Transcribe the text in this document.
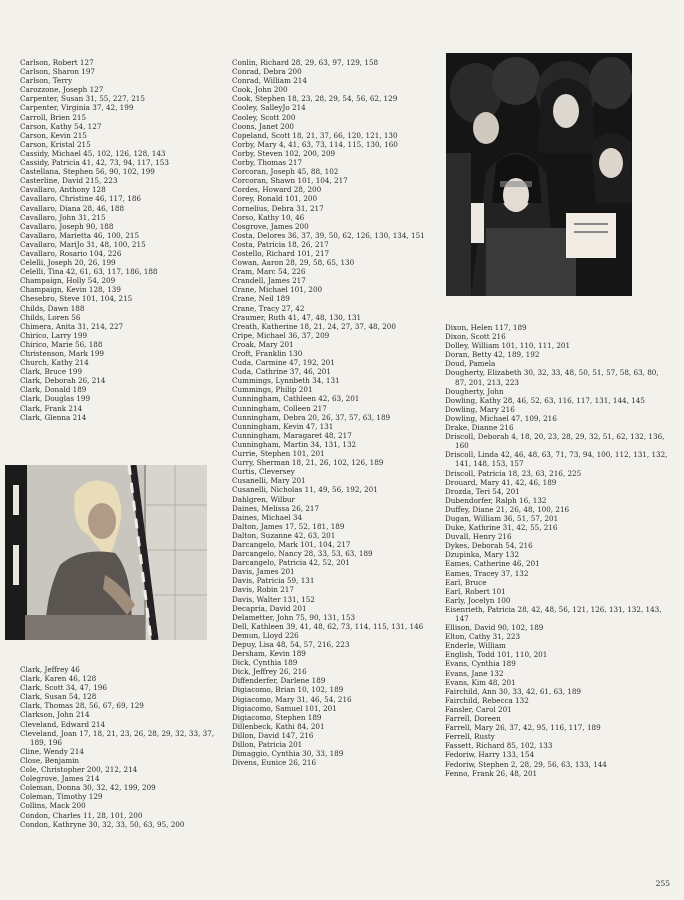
Carlson, Robert 127
Carlson, Sharon 197
Carlson, Terry
Carozzone, Joseph 127
Carpenter, Susan 31, 55, 227, 215
Carpenter, Virginia 37, 42, 199
Carroll, Brien 215
Carson, Kathy 54, 127
Carson, Kevin 215
Carson, Kristal 215
Cassidy, Michael 45, 102, 126, 128, 143
Cassidy, Patricia 41, 42, 73, 94, 117, 153
Castellana, Stephen 56, 90, 102, 199
Casterline, David 215, 223
Cavallaro, Anthony 128
Cavallaro, Christine 46, 117, 186
Cavallaro, Diana 28, 46, 188
Cavallaro, John 31, 215
Cavallaro, Joseph 90, 188
Cavallaro, Marietta 46, 100, 215
Cavallaro, MariJo 31, 48, 100, 215
Cavallaro, Rosario 104, 226
Celelli, Joseph 20, 26, 199
Celelli, Tina 42, 61, 63, 117, 186, 188
Champaign, Holly 54, 209
Champaign, Kevin 128, 139
Chesebro, Steve 101, 104, 215
Childs, Dawn 188
Childs, Loren 56
Chimera, Anita 31, 214, 227
Chirico, Larry 199
Chirico, Marie 56, 188
Christenson, Mark 199
Church, Kathy 214
Clark, Bruce 199
Clark, Deborah 26, 214
Clark, Donald 189
Clark, Douglas 199
Clark, Frank 214
Clark, Glenna 214
Clark, Jeffrey 46
Clark, Karen 46, 128
Clark, Scott 34, 47, 196
Clark, Susan 54, 128
Clark, Thomas 28, 56, 67, 69, 129
Clarkson, John 214
Cleveland, Edward 214
Cleveland, Joan 17, 18, 21, 23, 26, 28, 29, 32, 33, 37, 189, 196
Cline, Wendy 214
Close, Benjamin
Cole, Christopher 200, 212, 214
Colegrove, James 214
Coleman, Donna 30, 32, 42, 199, 209
Coleman, Timothy 129
Collins, Mack 200
Condon, Charles 11, 28, 101, 200
Condon, Kathryne 30, 32, 33, 50, 63, 95, 200
Conlin, Richard 28, 29, 63, 97, 129, 158
Conrad, Debra 200
Conrad, William 214
Cook, John 200
Cook, Stephen 18, 23, 28, 29, 54, 56, 62, 129
Cooley, SalleyJo 214
Cooley, Scott 200
Coons, Janet 200
Copeland, Scott 18, 21, 37, 66, 120, 121, 130
Corby, Mary 4, 41, 63, 73, 114, 115, 130, 160
Corby, Steven 102, 200, 209
Corby, Thomas 217
Corcoran, Joseph 45, 88, 102
Corcoran, Shawn 101, 104, 217
Cordes, Howard 28, 200
Corey, Ronald 101, 200
Cornelius, Debra 31, 217
Corso, Kathy 10, 46
Cosgrove, James 200
Costa, Delores 36, 37, 39, 50, 62, 126, 130, 134, 151
Costa, Patricia 18, 26, 217
Costello, Richard 101, 217
Cowan, Aaron 28, 29, 58, 65, 130
Cram, Marc 54, 226
Crandell, James 217
Crane, Michael 101, 200
Crane, Neil 189
Crane, Tracy 27, 42
Craumer, Ruth 41, 47, 48, 130, 131
Creath, Katherine 18, 21, 24, 27, 37, 48, 200
Cripe, Michael 36, 37, 209
Croak, Mary 201
Croft, Franklin 130
Cuda, Carmine 47, 192, 201
Cuda, Cathrine 37, 46, 201
Cummings, Lynnbeth 34, 131
Cummings, Philip 201
Cunningham, Cathleen 42, 63, 201
Cunningham, Colleen 217
Cunningham, Debra 20, 26, 37, 57, 63, 189
Cunningham, Kevin 47, 131
Cunningham, Maragaret 48, 217
Cunningham, Martin 34, 131, 132
Currie, Stephen 101, 201
Curry, Sherman 18, 21, 26, 102, 126, 189
Curtis, Cleversey
Cusanelli, Mary 201
Cusanelli, Nicholas 11, 49, 56, 192, 201
Dahlgren, Wilbur
Daines, Melissa 26, 217
Daines, Michael 34
Dalton, James 17, 52, 181, 189
Dalton, Suzanne 42, 63, 201
Darcangelo, Mark 101, 104, 217
Darcangelo, Nancy 28, 33, 53, 63, 189
Darcangelo, Patricia 42, 52, 201
Davis, James 201
Davis, Patricia 59, 131
Davis, Robin 217
Davis, Walter 131, 152
Decapria, David 201
Delametter, John 75, 90, 131, 153
Dell, Kathleen 39, 41, 48, 62, 73, 114, 115, 131, 146
Demun, Lloyd 226
Depuy, Lisa 48, 54, 57, 216, 223
Dersham, Kevin 189
Dick, Cynthia 189
Dick, Jeffrey 26, 216
Diffenderfer, Darlene 189
Digiacomo, Brian 10, 102, 189
Digiacomo, Mary 31, 46, 54, 216
Digiacomo, Samuel 101, 201
Digiacomo, Stephen 189
Dillenbeck, Kathi 84, 201
Dillon, David 147, 216
Dillon, Patricia 201
Dimaggio, Cynthia 30, 33, 189
Divens, Eunice 26, 216
Dixon, Helen 117, 189
Dixon, Scott 216
Dolley, William 101, 110, 111, 201
Doran, Betty 42, 189, 192
Doud, Pamela
Dougherty, Elizabeth 30, 32, 33, 48, 50, 51, 57, 58, 63, 80, 87, 201, 213, 223
Dougherty, John
Dowling, Kathy 28, 46, 52, 63, 116, 117, 131, 144, 145
Dowling, Mary 216
Dowling, Michael 47, 109, 216
Drake, Dianne 216
Driscoll, Deborah 4, 18, 20, 23, 28, 29, 32, 51, 62, 132, 136, 160
Driscoll, Linda 42, 46, 48, 63, 71, 73, 94, 100, 112, 131, 132, 141, 148, 153, 157
Driscoll, Patricia 18, 23, 63, 216, 225
Drouard, Mary 41, 42, 46, 189
Drozda, Teri 54, 201
Dubendorfer, Ralph 16, 132
Duffey, Diane 21, 26, 48, 100, 216
Dugan, William 36, 51, 57, 201
Duke, Kathrine 31, 42, 55, 216
Duvall, Henry 216
Dykes, Deborah 54, 216
Dzupinka, Mary 132
Eames, Catherine 46, 201
Eames, Tracey 37, 132
Earl, Bruce
Earl, Robert 101
Early, Jocelyn 100
Eisenrieth, Patricia 28, 42, 48, 56, 121, 126, 131, 132, 143, 147
Ellison, David 90, 102, 189
Elton, Cathy 31, 223
Enderle, William
English, Todd 101, 110, 201
Evans, Cynthia 189
Evans, Jane 132
Evans, Kim 48, 201
Fairchild, Ann 30, 33, 42, 61, 63, 189
Fairchild, Rebecca 132
Fansler, Carol 201
Farrell, Doreen
Farrell, Mary 26, 37, 42, 95, 116, 117, 189
Ferrell, Rusty
Fassett, Richard 85, 102, 133
Fedoriw, Harry 133, 154
Fedoriw, Stephen 2, 28, 29, 56, 63, 133, 144
Fenno, Frank 26, 48, 201
255
